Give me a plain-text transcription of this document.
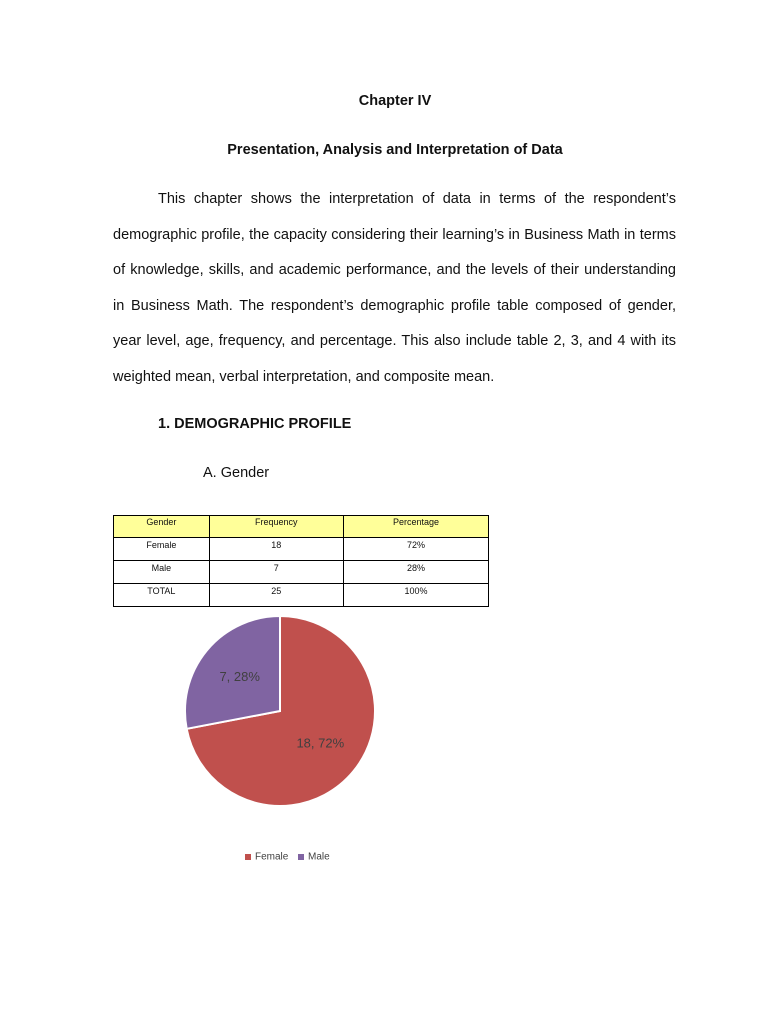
Chapter IV
Presentation, Analysis and Interpretation of Data

This chapter shows the interpretation of data in terms of the respondent’s demographic profile, the capacity considering their learning’s in Business Math in terms of knowledge, skills, and academic performance, and the levels of their understanding in Business Math. The respondent’s demographic profile table composed of gender, year level, age, frequency, and percentage. This also include table 2, 3, and 4 with its weighted mean, verbal interpretation, and composite mean.

1. DEMOGRAPHIC PROFILE
A. Gender
Gender	Frequency	Percentage
Female	18	72%
Male	7	28%
TOTAL	25	100%
18, 72%
7, 28%
Female Male
